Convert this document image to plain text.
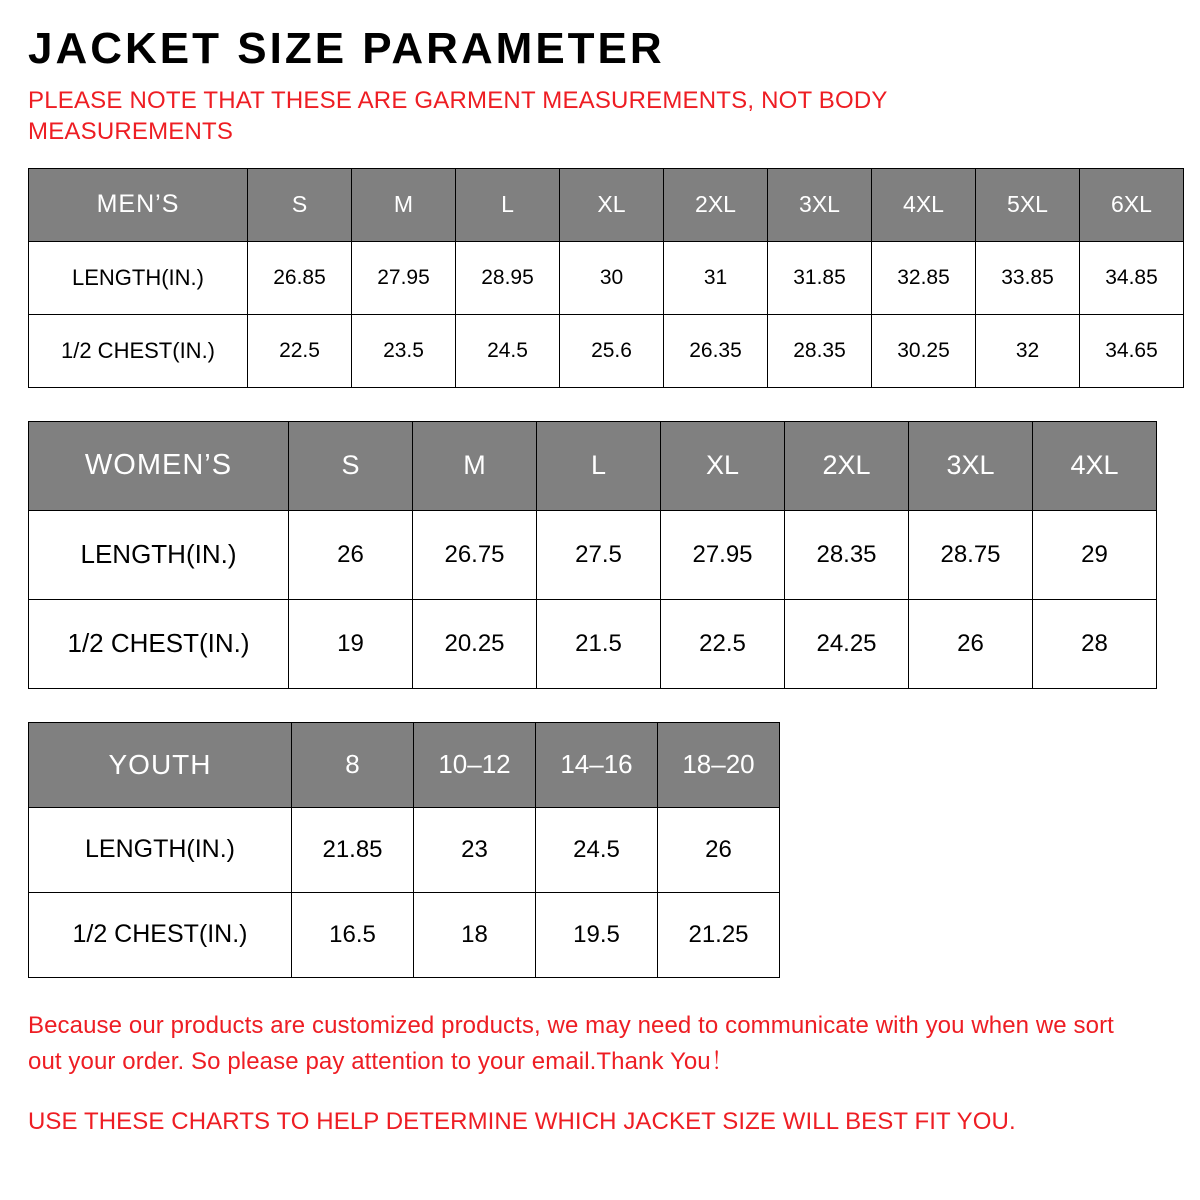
JACKET SIZE PARAMETER

PLEASE NOTE THAT THESE ARE GARMENT MEASUREMENTS, NOT BODY MEASUREMENTS

MEN’S	S	M	L	XL	2XL	3XL	4XL	5XL	6XL
LENGTH(IN.)	26.85	27.95	28.95	30	31	31.85	32.85	33.85	34.85
1/2 CHEST(IN.)	22.5	23.5	24.5	25.6	26.35	28.35	30.25	32	34.65
WOMEN’S	S	M	L	XL	2XL	3XL	4XL
LENGTH(IN.)	26	26.75	27.5	27.95	28.35	28.75	29
1/2 CHEST(IN.)	19	20.25	21.5	22.5	24.25	26	28
YOUTH	8	10–12	14–16	18–20
LENGTH(IN.)	21.85	23	24.5	26
1/2 CHEST(IN.)	16.5	18	19.5	21.25

Because our products are customized products, we may need to communicate with you when we sort out your order. So please pay attention to your email.Thank You！

USE THESE CHARTS TO HELP DETERMINE WHICH JACKET SIZE WILL BEST FIT YOU.
